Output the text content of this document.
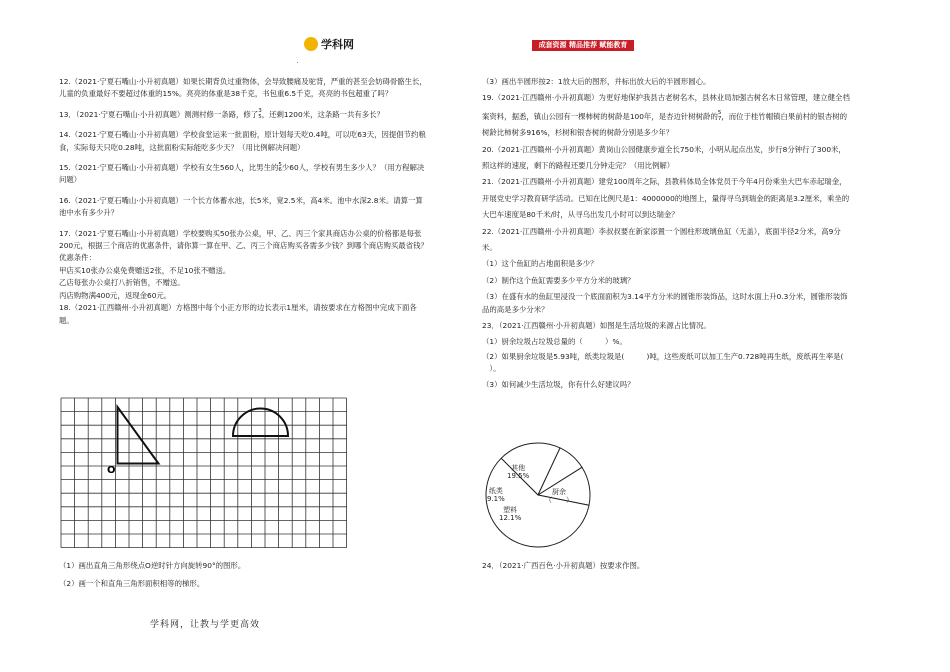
学科网	成套资源 精品推荐 赋能教育

12.（2021·宁夏石嘴山·小升初真题）如果长期背负过重物体，会导致腰痛及驼背，严重的甚至会妨碍骨骼生长，

儿童的负重最好不要超过体重的15%。亮亮的体重是38千克，书包重6.5千克，亮亮的书包超重了吗？

13．（2021·宁夏石嘴山·小升初真题）测测村修一条路，修了3
5，还剩1200米，这条路一共有多长？

14.（2021·宁夏石嘴山·小升初真题）学校食堂运来一批面粉，原计划每天吃0.4吨，可以吃63天，因提倡节约粮

食，实际每天只吃0.28吨，这批面粉实际能吃多少天？（用比例解决问题）

15.（2021·宁夏石嘴山·小升初真题）学校有女生560人，比男生的5
6少60人，学校有男生多少人？（用方程解决

问题）

16.（2021·宁夏石嘴山·小升初真题）一个长方体蓄水池，长5米，宽2.5米，高4米。池中水深2.8米。请算一算

池中水有多少升？

17.（2021·宁夏石嘴山·小升初真题）学校要购买50张办公桌，甲、乙、丙三个家具商店办公桌的价格都是每张

200元，根据三个商店的优惠条件，请你算一算在甲、乙、丙三个商店购买各需多少钱？到哪个商店购买最省钱？

优惠条件：

甲店买10张办公桌免费赠送2张，不足10张不赠送。

乙店每张办公桌打八折销售，不赠送。

丙店购物满400元，返现金60元。

18.（2021·江西赣州·小升初真题）方格图中每个小正方形的边长表示1厘米，请按要求在方格图中完成下面各

题。

O

（1）画出直角三角形绕点O逆时针方向旋转90°的图形。

（2）画一个和直角三角形面积相等的梯形。

（3）画出半圆形按2：1放大后的图形，并标出放大后的半圆形圆心。

19.（2021·江西赣州·小升初真题）为更好地保护我县古老树名木，县林业局加强古树名木日常管理，建立健全档

案资料，据悉，镇山公园有一棵柿树的树龄是100年，是杏边针树树龄的5
7，而位于桂竹帽镇白果前村的银杏树的

树龄比柿树多916%，杉树和银杏树的树龄分别是多少年？

20.（2021·江西赣州·小升初真题）黄岗山公园健康步道全长750米，小明从起点出发，步行8分钟行了300米，

照这样的速度，剩下的路程还要几分钟走完？（用比例解）

21.（2021·江西赣州·小升初真题）建党100周年之际，县教科体局全体党员于今年4月份乘坐大巴车赤起瑞金，

开展党史学习教育研学活动。已知在比例尺是1：4000000的地图上，量得寻乌到瑞金的距离是3.2厘米，乘坐的

大巴车速度是80千米/时，从寻乌出发几小时可以到达瑞金？

22.（2021·江西赣州·小升初真题）李叔叔要在新家添置一个圆柱形玻璃鱼缸（无盖），底面半径2分米，高9分

米。

（1）这个鱼缸的占地面积是多少？

（2）制作这个鱼缸需要多少平方分米的玻璃？

（3）在盛有水的鱼缸里浸没一个底面面积为3.14平方分米的圆锥形装饰品，这时水面上升0.3分米，圆锥形装饰

品的高是多少分米？

23．（2021·江西赣州·小升初真题）如图是生活垃圾的来源占比情况。

（1）厨余垃圾占垃圾总量的（　　　）%。

（2）如果厨余垃圾是5.93吨，纸类垃圾是(　　　)吨，这些废纸可以加工生产0.728吨再生纸，废纸再生率是(

　）。

（3）如何减少生活垃圾，你有什么好建议吗？

其他
19.5%
纸类
9.1%
塑料
12.1%
厨余
（　　）

24．（2021·广西百色·小升初真题）按要求作图。

学科网，让教与学更高效
